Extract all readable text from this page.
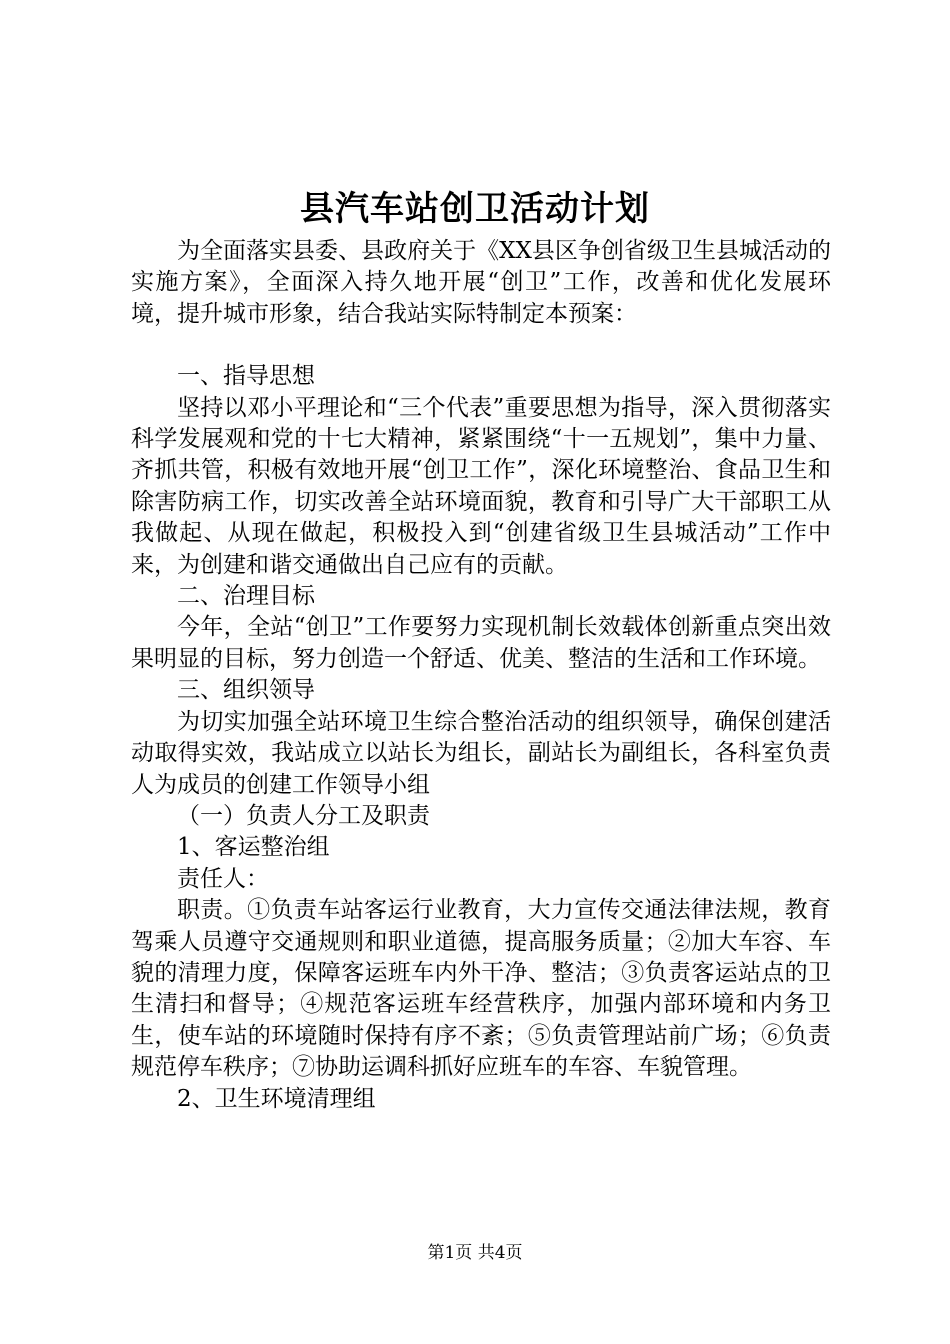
县汽车站创卫活动计划

为全面落实县委、县政府关于《XX县区争创省级卫生县城活动的实施方案》，全面深入持久地开展“创卫”工作，改善和优化发展环境，提升城市形象，结合我站实际特制定本预案：

一、指导思想

坚持以邓小平理论和“三个代表”重要思想为指导，深入贯彻落实科学发展观和党的十七大精神，紧紧围绕“十一五规划”，集中力量、齐抓共管，积极有效地开展“创卫工作”，深化环境整治、食品卫生和除害防病工作，切实改善全站环境面貌，教育和引导广大干部职工从我做起、从现在做起，积极投入到“创建省级卫生县城活动”工作中来，为创建和谐交通做出自己应有的贡献。

二、治理目标

今年，全站“创卫”工作要努力实现机制长效载体创新重点突出效果明显的目标，努力创造一个舒适、优美、整洁的生活和工作环境。

三、组织领导

为切实加强全站环境卫生综合整治活动的组织领导，确保创建活动取得实效，我站成立以站长为组长，副站长为副组长，各科室负责人为成员的创建工作领导小组

（一）负责人分工及职责

1、客运整治组

责任人：

职责。①负责车站客运行业教育，大力宣传交通法律法规，教育驾乘人员遵守交通规则和职业道德，提高服务质量；②加大车容、车貌的清理力度，保障客运班车内外干净、整洁；③负责客运站点的卫生清扫和督导；④规范客运班车经营秩序，加强内部环境和内务卫生，使车站的环境随时保持有序不紊；⑤负责管理站前广场；⑥负责规范停车秩序；⑦协助运调科抓好应班车的车容、车貌管理。

2、卫生环境清理组

第1页 共4页
